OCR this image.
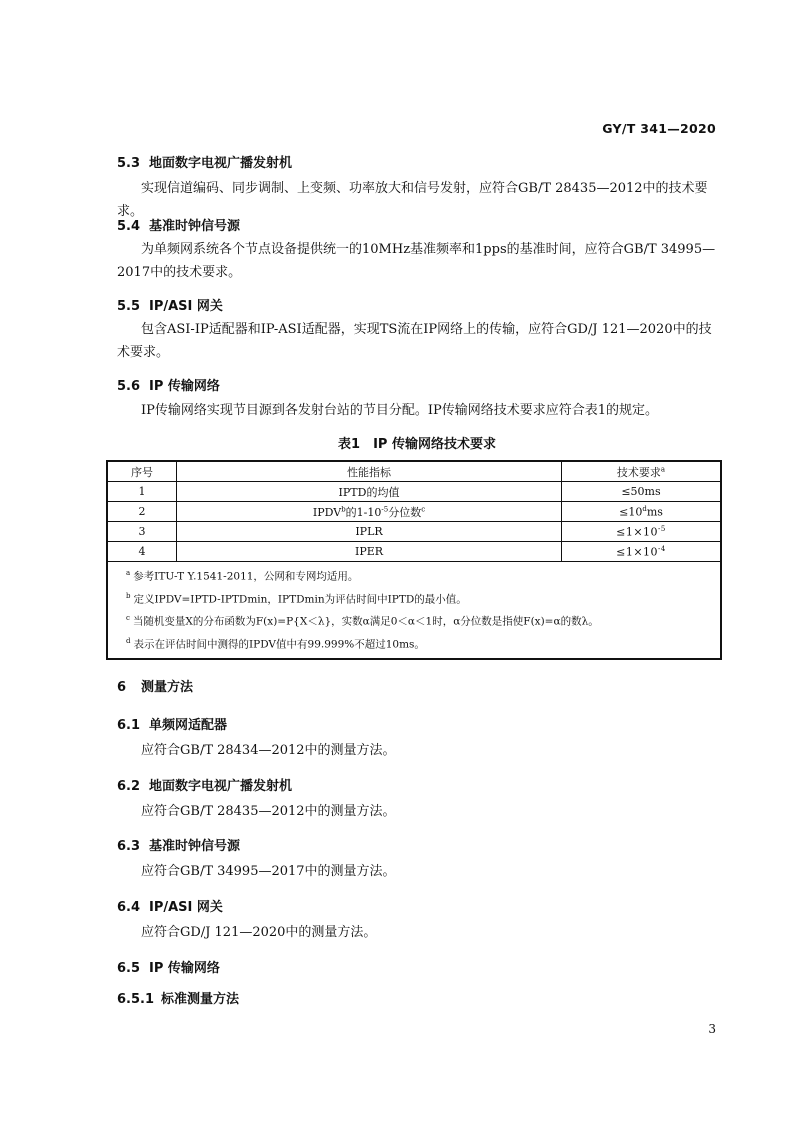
GY/T 341—2020
5.3 地面数字电视广播发射机
实现信道编码、同步调制、上变频、功率放大和信号发射，应符合GB/T 28435—2012中的技术要求。
5.4 基准时钟信号源
为单频网系统各个节点设备提供统一的10MHz基准频率和1pps的基准时间，应符合GB/T 34995—2017中的技术要求。
5.5 IP/ASI 网关
包含ASI-IP适配器和IP-ASI适配器，实现TS流在IP网络上的传输，应符合GD/J 121—2020中的技术要求。
5.6 IP 传输网络
IP传输网络实现节目源到各发射台站的节目分配。IP传输网络技术要求应符合表1的规定。
表1　IP 传输网络技术要求
序号	性能指标	技术要求$^a$
1	IPTD的均值	≤50ms
2	IPDV$^b$的$1-10^{-5}$分位数$^c$	$\le 10^dms$
3	IPLR	$\le 1\times 10^{-5}$
4	IPER	$\le 1\times 10^{-4}$

$^a$ 参考ITU-T Y.1541-2011，公网和专网均适用。
$^b$ 定义IPDV=IPTD-IPTDmin，IPTDmin为评估时间中IPTD的最小值。
$^c$ 当随机变量X的分布函数为F(x)=P{X＜λ}，实数α满足0＜α＜1时，α分位数是指使F(x)=α的数λ。
$^d$ 表示在评估时间中测得的IPDV值中有99.999%不超过10ms。		
6 测量方法
6.1 单频网适配器
应符合GB/T 28434—2012中的测量方法。
6.2 地面数字电视广播发射机
应符合GB/T 28435—2012中的测量方法。
6.3 基准时钟信号源
应符合GB/T 34995—2017中的测量方法。
6.4 IP/ASI 网关
应符合GD/J 121—2020中的测量方法。
6.5 IP 传输网络
6.5.1 标准测量方法
3
